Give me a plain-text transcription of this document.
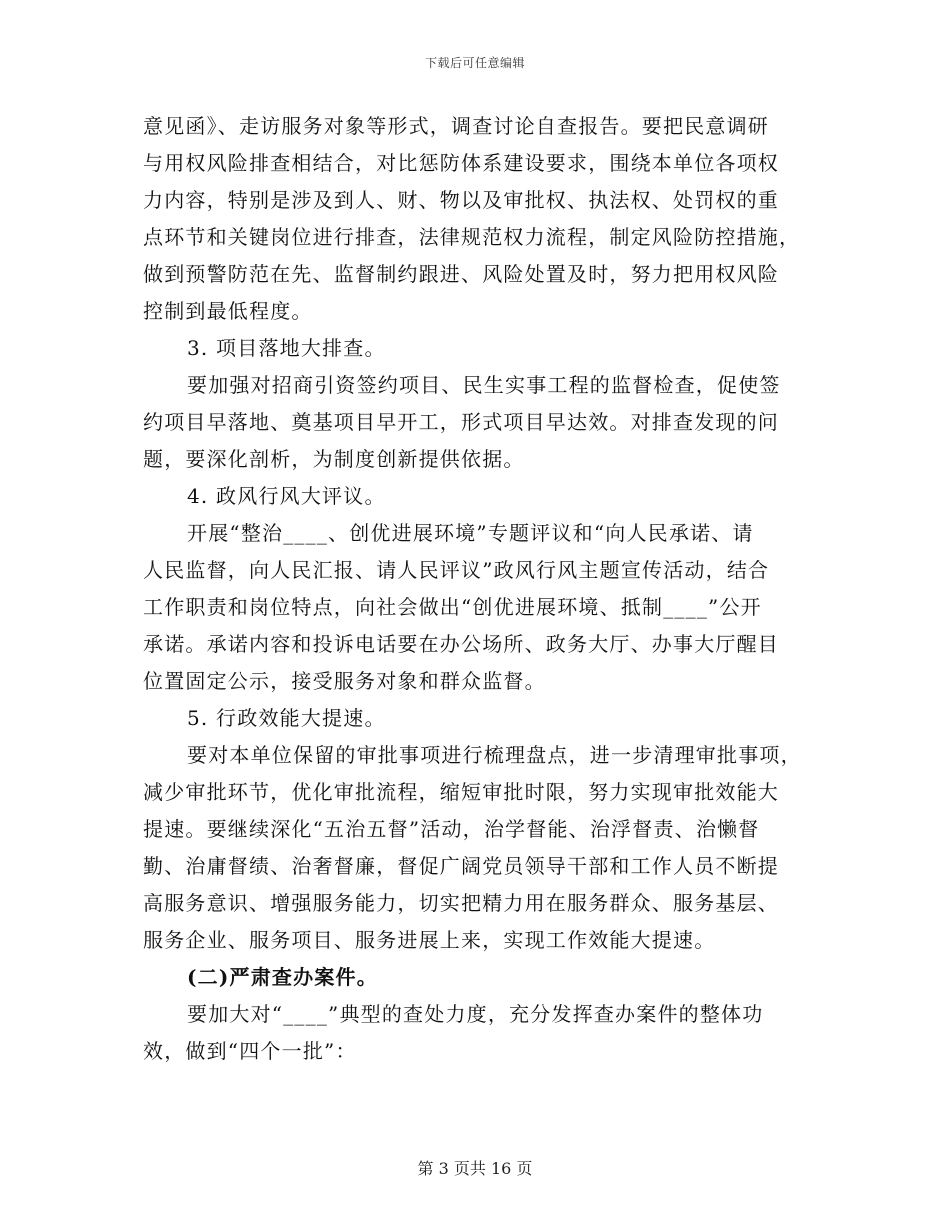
下载后可任意编辑
意见函》、走访服务对象等形式，调查讨论自查报告。要把民意调研
与用权风险排查相结合，对比惩防体系建设要求，围绕本单位各项权
力内容，特别是涉及到人、财、物以及审批权、执法权、处罚权的重
点环节和关键岗位进行排查，法律规范权力流程，制定风险防控措施，
做到预警防范在先、监督制约跟进、风险处置及时，努力把用权风险
控制到最低程度。
3. 项目落地大排查。
要加强对招商引资签约项目、民生实事工程的监督检查，促使签
约项目早落地、奠基项目早开工，形式项目早达效。对排查发现的问
题，要深化剖析，为制度创新提供依据。
4. 政风行风大评议。
开展“整治____、创优进展环境”专题评议和“向人民承诺、请
人民监督，向人民汇报、请人民评议”政风行风主题宣传活动，结合
工作职责和岗位特点，向社会做出“创优进展环境、抵制____”公开
承诺。承诺内容和投诉电话要在办公场所、政务大厅、办事大厅醒目
位置固定公示，接受服务对象和群众监督。
5. 行政效能大提速。
要对本单位保留的审批事项进行梳理盘点，进一步清理审批事项，
减少审批环节，优化审批流程，缩短审批时限，努力实现审批效能大
提速。要继续深化“五治五督”活动，治学督能、治浮督责、治懒督
勤、治庸督绩、治奢督廉，督促广阔党员领导干部和工作人员不断提
高服务意识、增强服务能力，切实把精力用在服务群众、服务基层、
服务企业、服务项目、服务进展上来，实现工作效能大提速。
(二)严肃查办案件。
要加大对“____”典型的查处力度，充分发挥查办案件的整体功
效，做到“四个一批”：
第 3 页共 16 页
